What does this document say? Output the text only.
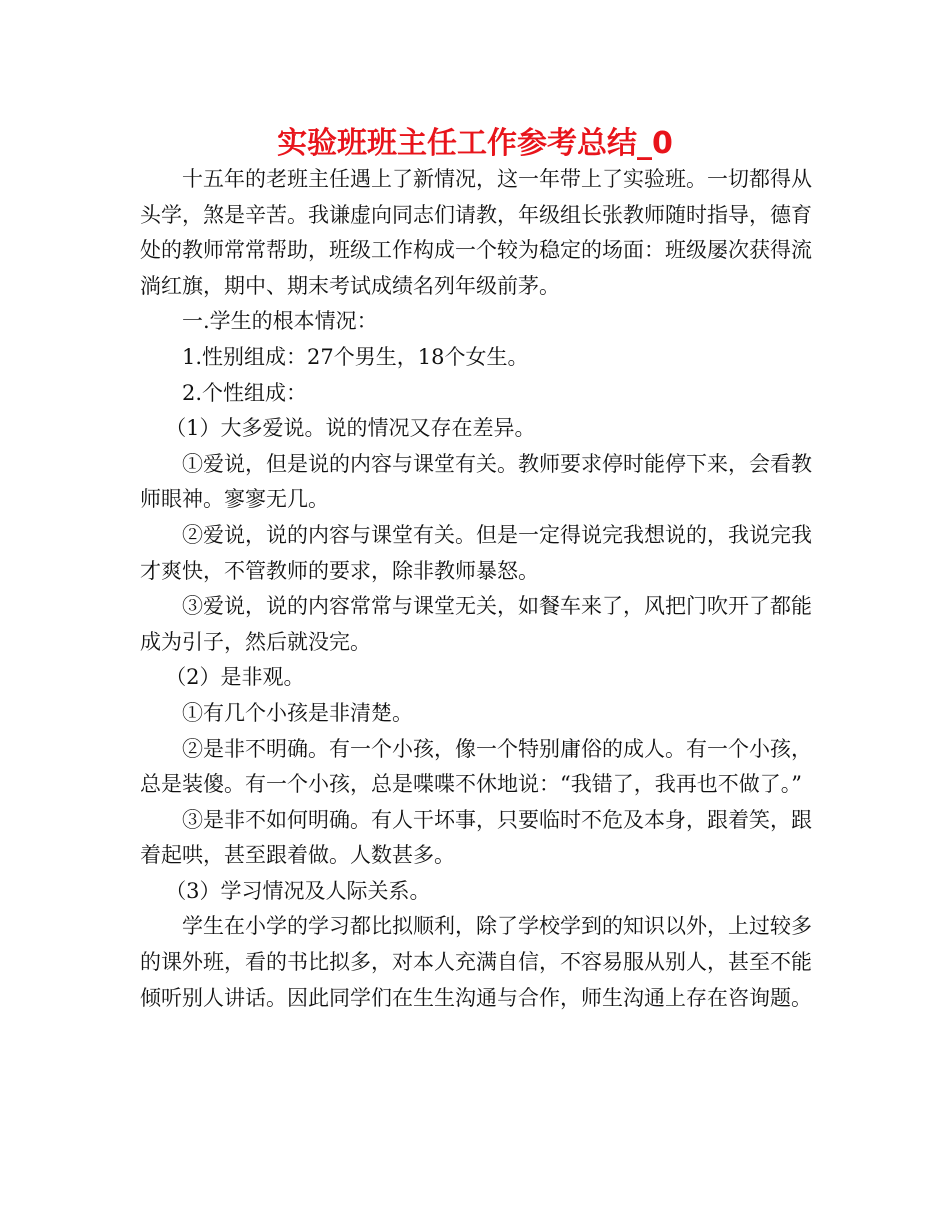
实验班班主任工作参考总结_0

十五年的老班主任遇上了新情况，这一年带上了实验班。一切都得从头学，煞是辛苦。我谦虚向同志们请教，年级组长张教师随时指导，德育处的教师常常帮助，班级工作构成一个较为稳定的场面：班级屡次获得流淌红旗，期中、期末考试成绩名列年级前茅。

一.学生的根本情况：

1.性别组成：27个男生，18个女生。

2.个性组成：

（1）大多爱说。说的情况又存在差异。

①爱说，但是说的内容与课堂有关。教师要求停时能停下来，会看教师眼神。寥寥无几。

②爱说，说的内容与课堂有关。但是一定得说完我想说的，我说完我才爽快，不管教师的要求，除非教师暴怒。

③爱说，说的内容常常与课堂无关，如餐车来了，风把门吹开了都能成为引子，然后就没完。

（2）是非观。

①有几个小孩是非清楚。

②是非不明确。有一个小孩，像一个特别庸俗的成人。有一个小孩，总是装傻。有一个小孩，总是喋喋不休地说：“我错了，我再也不做了。”

③是非不如何明确。有人干坏事，只要临时不危及本身，跟着笑，跟着起哄，甚至跟着做。人数甚多。

（3）学习情况及人际关系。

学生在小学的学习都比拟顺利，除了学校学到的知识以外，上过较多的课外班，看的书比拟多，对本人充满自信，不容易服从别人，甚至不能倾听别人讲话。因此同学们在生生沟通与合作，师生沟通上存在咨询题。
